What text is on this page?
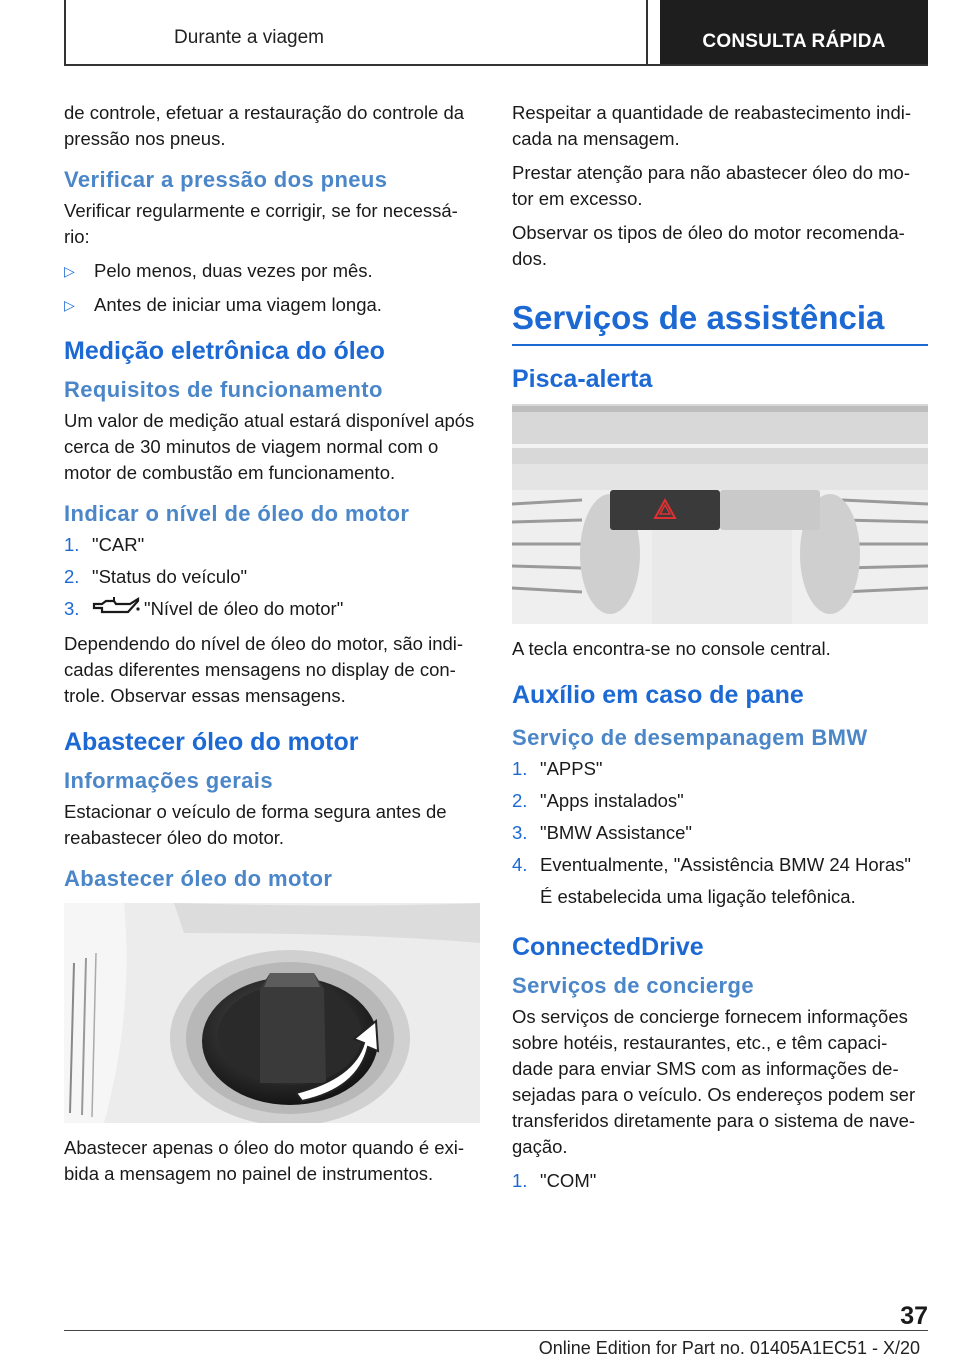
Durante a viagem	CONSULTA RÁPIDA

de controle, efetuar a restauração do controle da pressão nos pneus.

Verificar a pressão dos pneus

Verificar regularmente e corrigir, se for necessá- rio:

▷	Pelo menos, duas vezes por mês.
▷	Antes de iniciar uma viagem longa.
Medição eletrônica do óleo
Requisitos de funcionamento

Um valor de medição atual estará disponível após cerca de 30 minutos de viagem normal com o motor de combustão em funcionamento.

Indicar o nível de óleo do motor
1. "CAR"
2. "Status do veículo"
3.	"Nível de óleo do motor"

Dependendo do nível de óleo do motor, são indi- cadas diferentes mensagens no display de con- trole. Observar essas mensagens.

Abastecer óleo do motor
Informações gerais

Estacionar o veículo de forma segura antes de reabastecer óleo do motor.

Abastecer óleo do motor

Abastecer apenas o óleo do motor quando é exi- bida a mensagem no painel de instrumentos.

Respeitar a quantidade de reabastecimento indi- cada na mensagem.

Prestar atenção para não abastecer óleo do mo- tor em excesso.

Observar os tipos de óleo do motor recomenda- dos.

Serviços de assistência
Pisca-alerta

A tecla encontra-se no console central.

Auxílio em caso de pane
Serviço de desempanagem BMW
1. "APPS"
2. "Apps instalados"
3. "BMW Assistance"
4. Eventualmente, "Assistência BMW 24 Horas"

É estabelecida uma ligação telefônica.

ConnectedDrive
Serviços de concierge

Os serviços de concierge fornecem informações sobre hotéis, restaurantes, etc., e têm capaci- dade para enviar SMS com as informações de- sejadas para o veículo. Os endereços podem ser transferidos diretamente para o sistema de nave- gação.

1. "COM"
37
Online Edition for Part no. 01405A1EC51 - X/20
